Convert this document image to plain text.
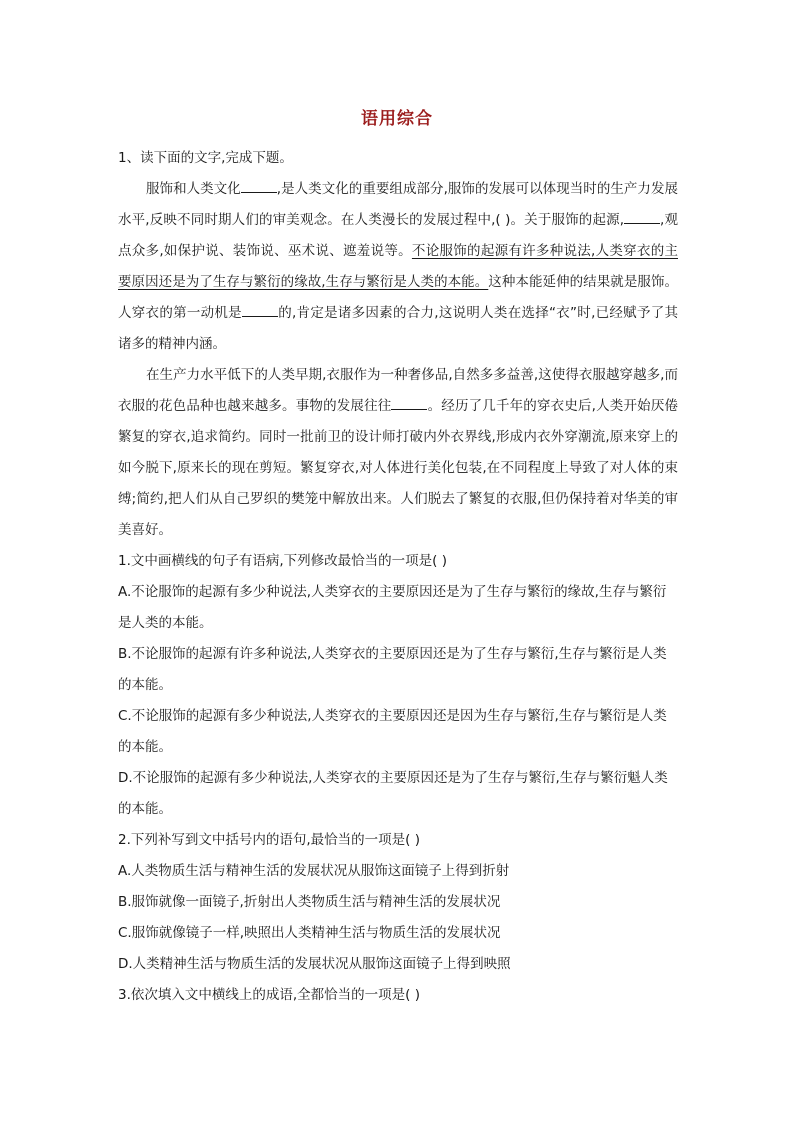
语用综合
1、读下面的文字,完成下题。

服饰和人类文化	,是人类文化的重要组成部分,服饰的发展可以体现当时的生产力发展水平,反映不同时期人们的审美观念。在人类漫长的发展过程中,( )。关于服饰的起源,	,观点众多,如保护说、装饰说、巫术说、遮羞说等。不论服饰的起源有许多种说法,人类穿衣的主要原因还是为了生存与繁衍的缘故,生存与繁衍是人类的本能。这种本能延伸的结果就是服饰。人穿衣的第一动机是	的,肯定是诸多因素的合力,这说明人类在选择“衣”时,已经赋予了其诸多的精神内涵。

在生产力水平低下的人类早期,衣服作为一种奢侈品,自然多多益善,这使得衣服越穿越多,而衣服的花色品种也越来越多。事物的发展往往	。经历了几千年的穿衣史后,人类开始厌倦繁复的穿衣,追求简约。同时一批前卫的设计师打破内外衣界线,形成内衣外穿潮流,原来穿上的如今脱下,原来长的现在剪短。繁复穿衣,对人体进行美化包装,在不同程度上导致了对人体的束缚;简约,把人们从自己罗织的樊笼中解放出来。人们脱去了繁复的衣服,但仍保持着对华美的审美喜好。

1.文中画横线的句子有语病,下列修改最恰当的一项是( )

A.不论服饰的起源有多少种说法,人类穿衣的主要原因还是为了生存与繁衍的缘故,生存与繁衍是人类的本能。

B.不论服饰的起源有许多种说法,人类穿衣的主要原因还是为了生存与繁衍,生存与繁衍是人类的本能。

C.不论服饰的起源有多少种说法,人类穿衣的主要原因还是因为生存与繁衍,生存与繁衍是人类的本能。

D.不论服饰的起源有多少种说法,人类穿衣的主要原因还是为了生存与繁衍,生存与繁衍魁人类的本能。

2.下列补写到文中括号内的语句,最恰当的一项是( )
A.人类物质生活与精神生活的发展状况从服饰这面镜子上得到折射
B.服饰就像一面镜子,折射出人类物质生活与精神生活的发展状况
C.服饰就像镜子一样,映照出人类精神生活与物质生活的发展状况
D.人类精神生活与物质生活的发展状况从服饰这面镜子上得到映照
3.依次填入文中横线上的成语,全都恰当的一项是( )
